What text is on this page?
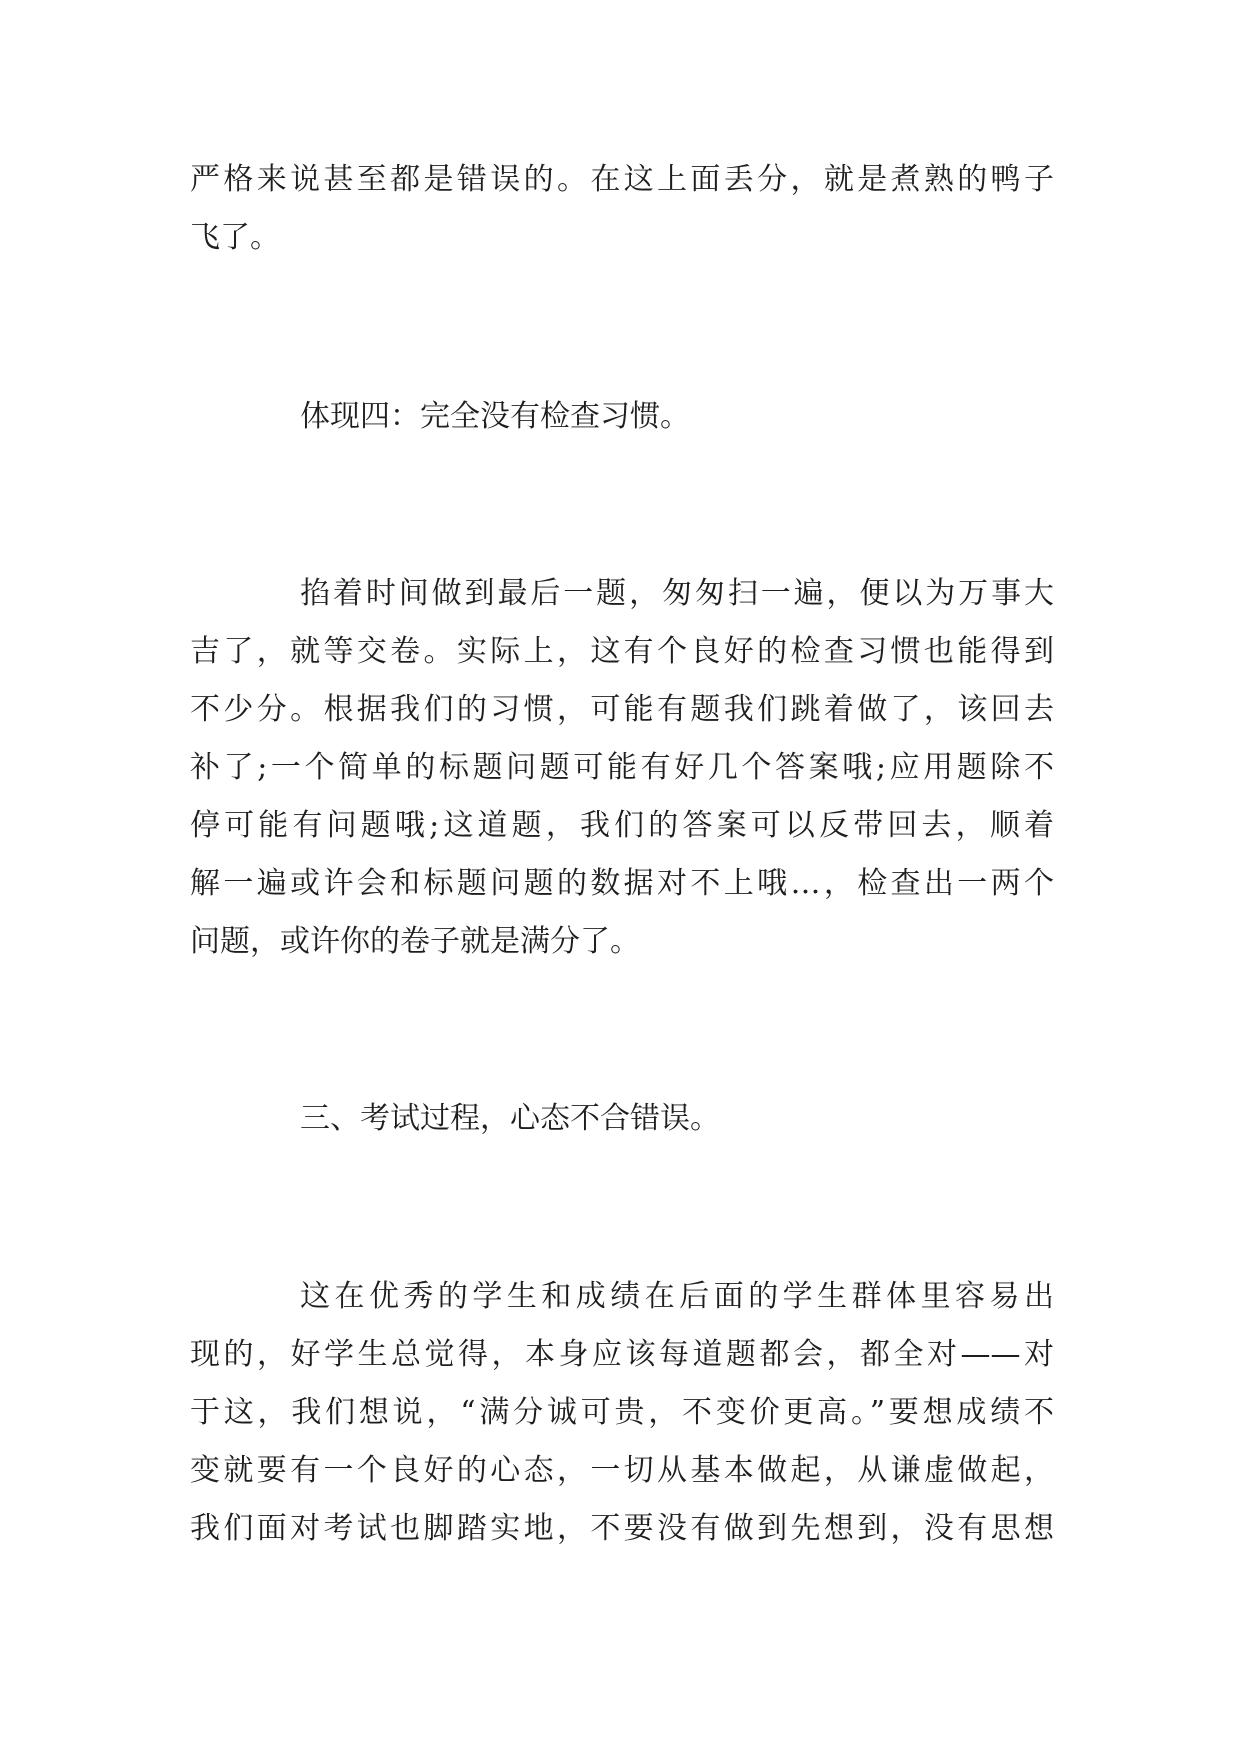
严格来说甚至都是错误的。在这上面丢分，就是煮熟的鸭子

飞了。

体现四：完全没有检查习惯。

掐着时间做到最后一题，匆匆扫一遍，便以为万事大

吉了，就等交卷。实际上，这有个良好的检查习惯也能得到

不少分。根据我们的习惯，可能有题我们跳着做了，该回去

补了;一个简单的标题问题可能有好几个答案哦;应用题除不

停可能有问题哦;这道题，我们的答案可以反带回去，顺着

解一遍或许会和标题问题的数据对不上哦…，检查出一两个

问题，或许你的卷子就是满分了。

三、考试过程，心态不合错误。

这在优秀的学生和成绩在后面的学生群体里容易出

现的，好学生总觉得，本身应该每道题都会，都全对——对

于这，我们想说，“满分诚可贵，不变价更高。”要想成绩不

变就要有一个良好的心态，一切从基本做起，从谦虚做起，

我们面对考试也脚踏实地，不要没有做到先想到，没有思想
